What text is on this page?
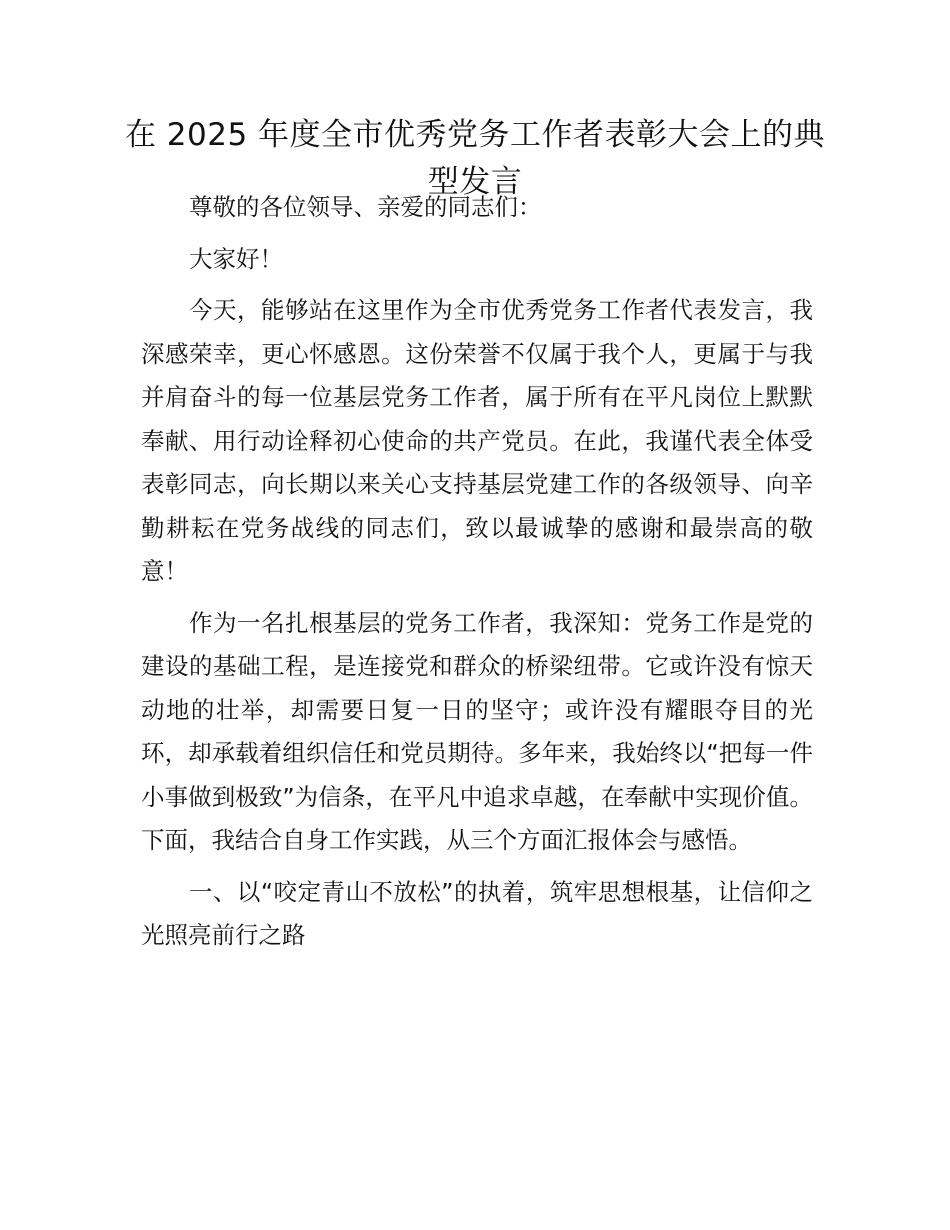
在 2025 年度全市优秀党务工作者表彰大会上的典型发言

尊敬的各位领导、亲爱的同志们：

大家好！

今天，能够站在这里作为全市优秀党务工作者代表发言，我深感荣幸，更心怀感恩。这份荣誉不仅属于我个人，更属于与我并肩奋斗的每一位基层党务工作者，属于所有在平凡岗位上默默奉献、用行动诠释初心使命的共产党员。在此，我谨代表全体受表彰同志，向长期以来关心支持基层党建工作的各级领导、向辛勤耕耘在党务战线的同志们，致以最诚挚的感谢和最崇高的敬意！

作为一名扎根基层的党务工作者，我深知：党务工作是党的建设的基础工程，是连接党和群众的桥梁纽带。它或许没有惊天动地的壮举，却需要日复一日的坚守；或许没有耀眼夺目的光环，却承载着组织信任和党员期待。多年来，我始终以“把每一件小事做到极致”为信条，在平凡中追求卓越，在奉献中实现价值。下面，我结合自身工作实践，从三个方面汇报体会与感悟。

一、以“咬定青山不放松”的执着，筑牢思想根基，让信仰之光照亮前行之路
